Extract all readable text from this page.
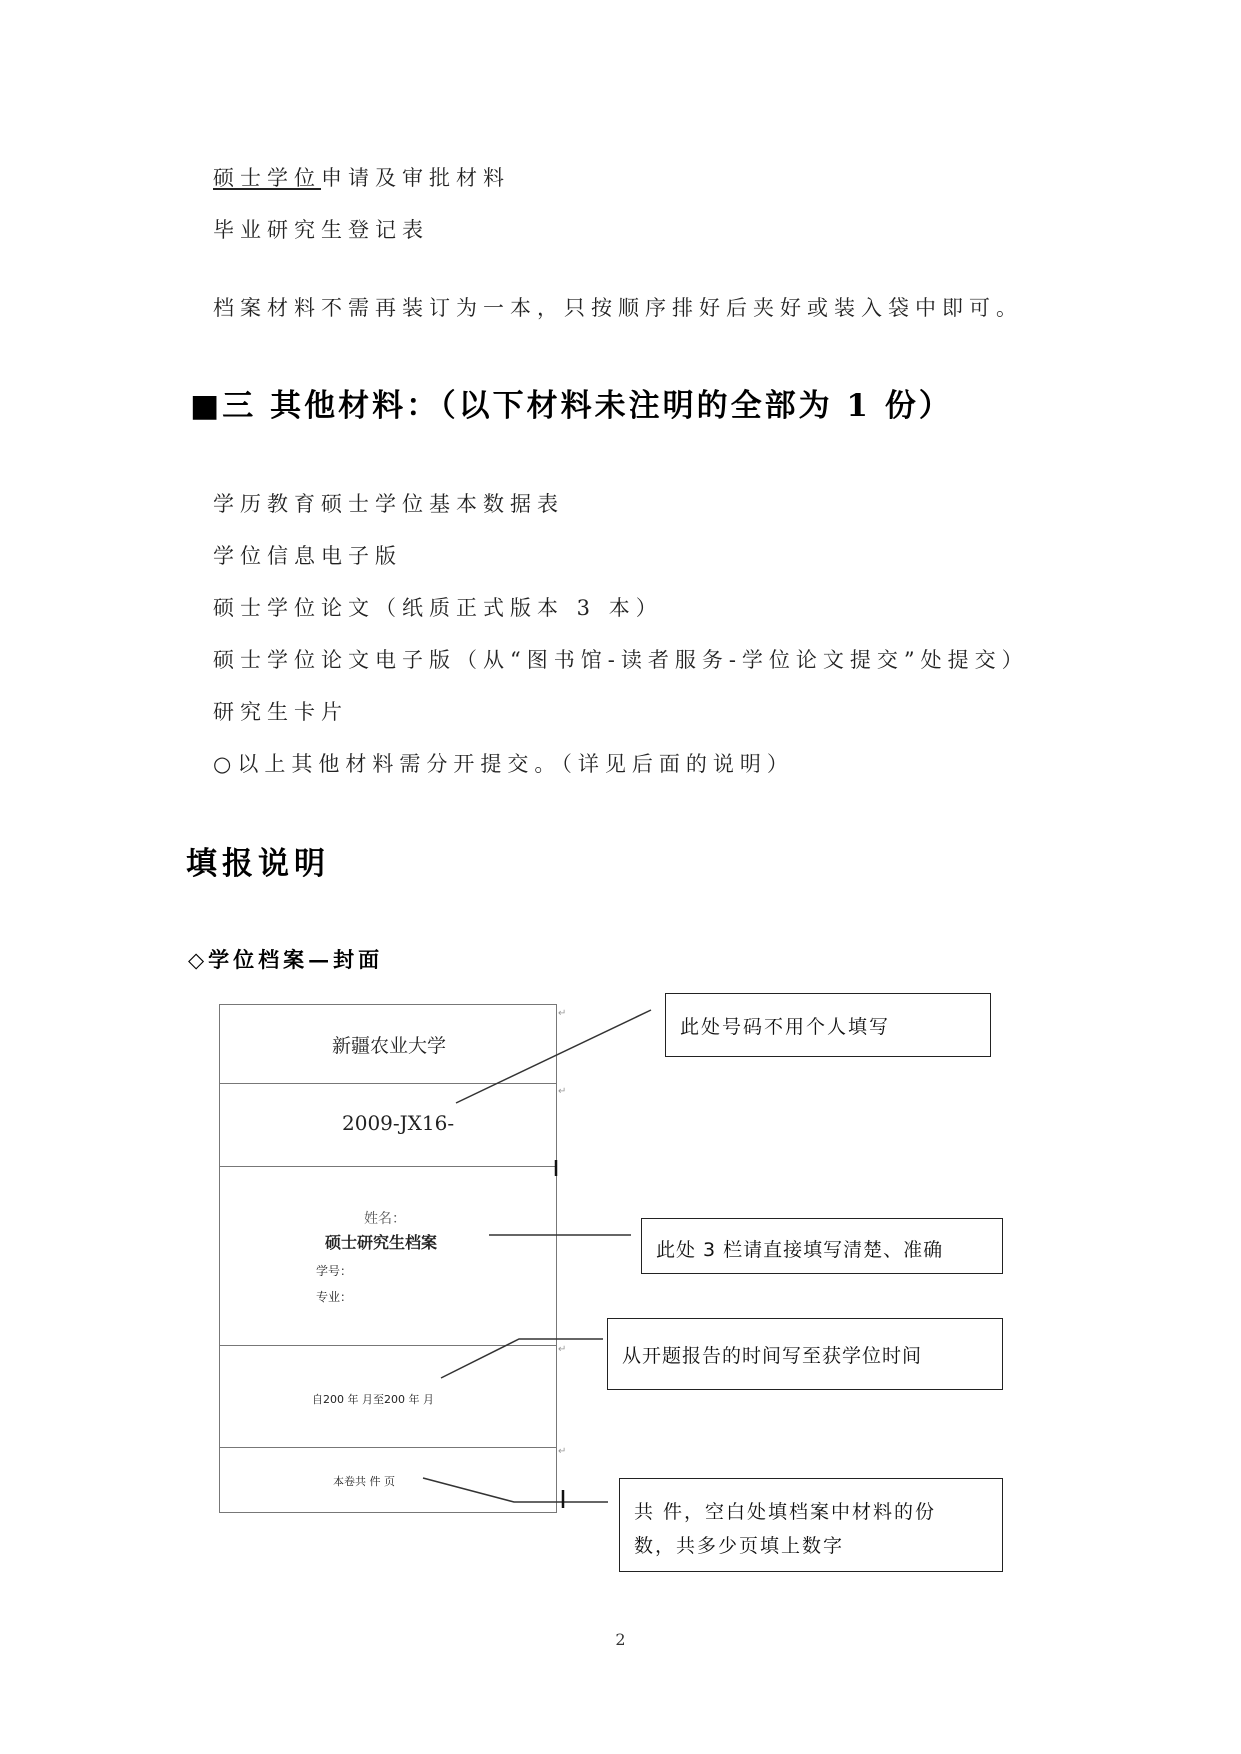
硕士学位申请及审批材料
毕业研究生登记表
档案材料不需再装订为一本，只按顺序排好后夹好或装入袋中即可。
■三 其他材料：（以下材料未注明的全部为 1 份）
学历教育硕士学位基本数据表
学位信息电子版
硕士学位论文（纸质正式版本 3 本）
硕士学位论文电子版（从“图书馆-读者服务-学位论文提交”处提交）
研究生卡片
○以上其他材料需分开提交。（详见后面的说明）
填报说明
◇学位档案—封面
新疆农业大学
2009-JX16-
姓名：
硕士研究生档案
学号：
专业：
自200 年 月至200 年 月
本卷共 件 页
↵
↵
↵
↵
此处号码不用个人填写
此处 3 栏请直接填写清楚、准确
从开题报告的时间写至获学位时间
共 件，空白处填档案中材料的份
数，共多少页填上数字
2
